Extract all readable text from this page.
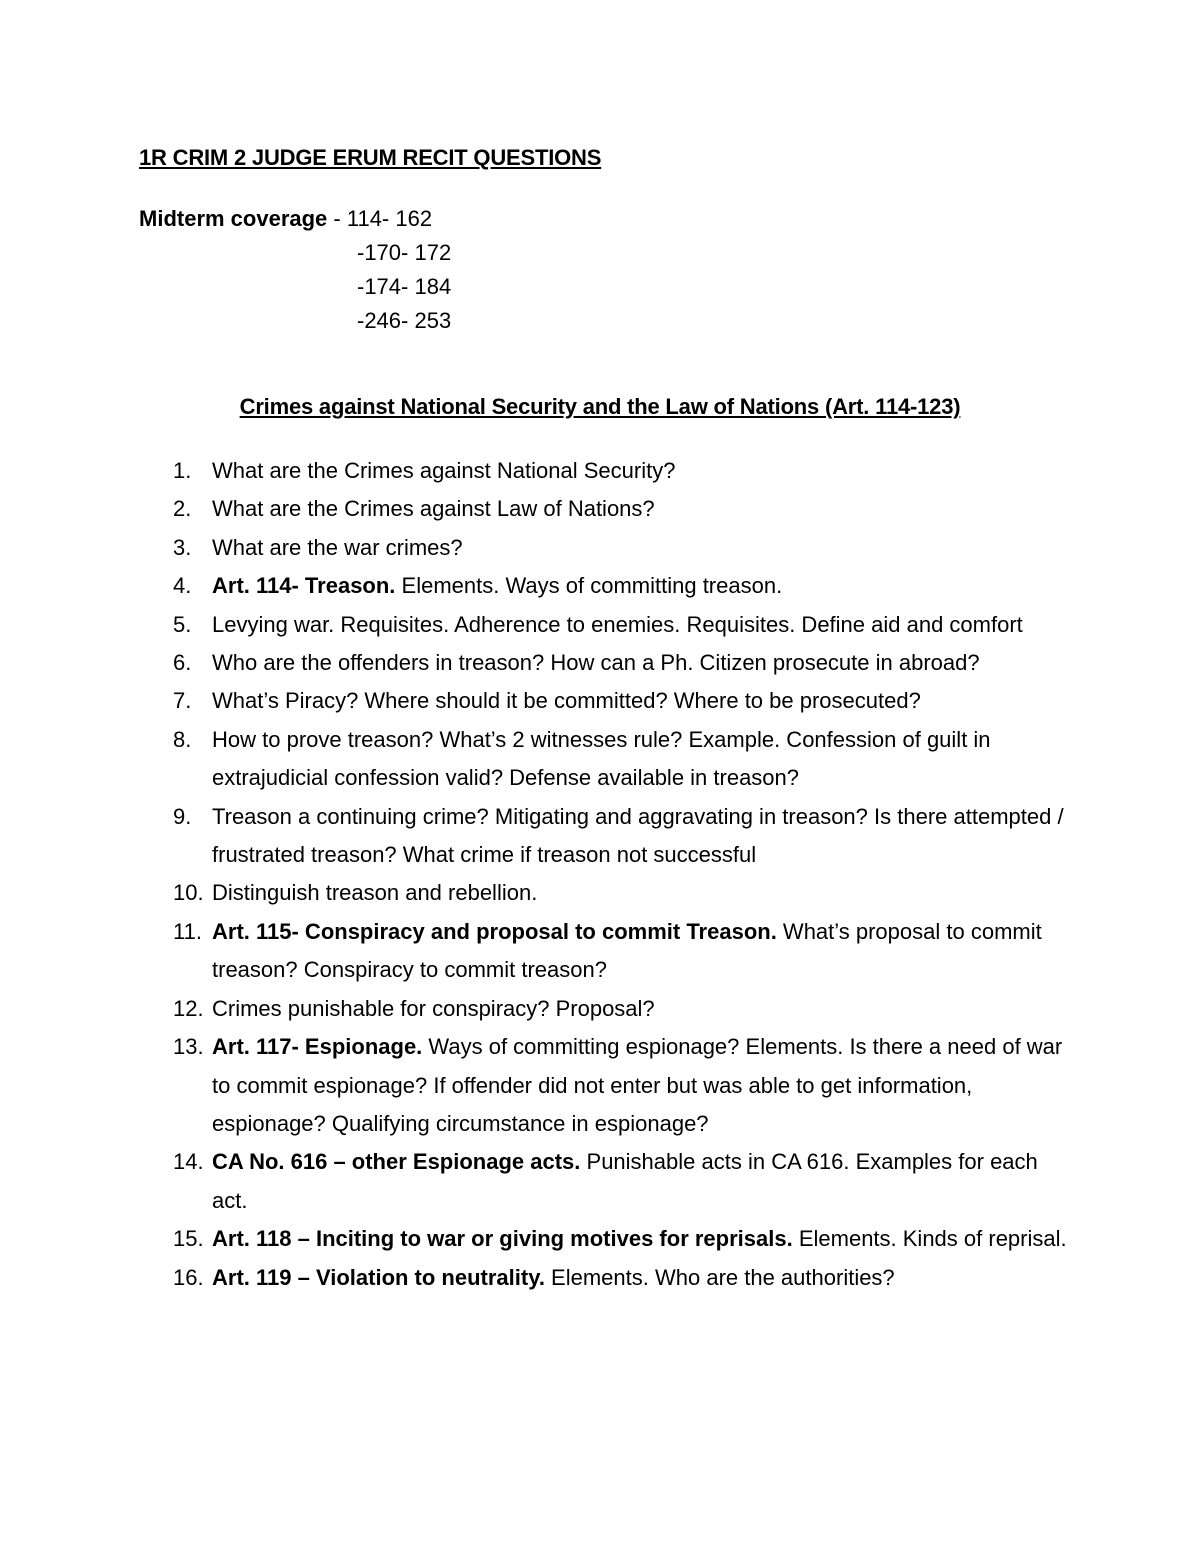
1R CRIM 2 JUDGE ERUM RECIT QUESTIONS
Midterm coverage - 114- 162
-170- 172
-174- 184
-246- 253
Crimes against National Security and the Law of Nations (Art. 114-123)
1. What are the Crimes against National Security?
2. What are the Crimes against Law of Nations?
3. What are the war crimes?
4. Art. 114- Treason. Elements. Ways of committing treason.
5. Levying war. Requisites. Adherence to enemies. Requisites. Define aid and comfort
6. Who are the offenders in treason? How can a Ph. Citizen prosecute in abroad?
7. What’s Piracy? Where should it be committed? Where to be prosecuted?
8. How to prove treason? What’s 2 witnesses rule? Example. Confession of guilt in extrajudicial confession valid? Defense available in treason?
9. Treason a continuing crime? Mitigating and aggravating in treason? Is there attempted / frustrated treason? What crime if treason not successful
10. Distinguish treason and rebellion.
11. Art. 115- Conspiracy and proposal to commit Treason. What’s proposal to commit treason? Conspiracy to commit treason?
12. Crimes punishable for conspiracy? Proposal?
13. Art. 117- Espionage. Ways of committing espionage? Elements. Is there a need of war to commit espionage? If offender did not enter but was able to get information, espionage? Qualifying circumstance in espionage?
14. CA No. 616 – other Espionage acts. Punishable acts in CA 616. Examples for each act.
15. Art. 118 – Inciting to war or giving motives for reprisals. Elements. Kinds of reprisal.
16. Art. 119 – Violation to neutrality. Elements. Who are the authorities?
